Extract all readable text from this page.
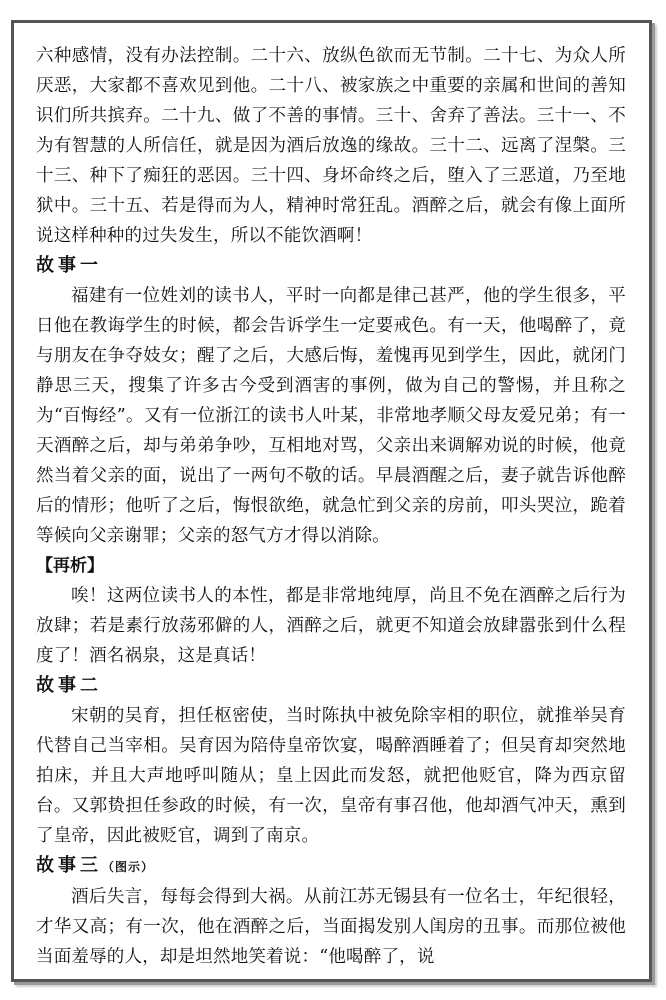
六种感情，没有办法控制。二十六、放纵色欲而无节制。二十七、为众人所厌恶，大家都不喜欢见到他。二十八、被家族之中重要的亲属和世间的善知识们所共摈弃。二十九、做了不善的事情。三十、舍弃了善法。三十一、不为有智慧的人所信任，就是因为酒后放逸的缘故。三十二、远离了涅槃。三十三、种下了痴狂的恶因。三十四、身坏命终之后，堕入了三恶道，乃至地狱中。三十五、若是得而为人，精神时常狂乱。酒醉之后，就会有像上面所说这样种种的过失发生，所以不能饮酒啊！

故事一

福建有一位姓刘的读书人，平时一向都是律己甚严，他的学生很多，平日他在教诲学生的时候，都会告诉学生一定要戒色。有一天，他喝醉了，竟与朋友在争夺妓女；醒了之后，大感后悔，羞愧再见到学生，因此，就闭门静思三天，搜集了许多古今受到酒害的事例，做为自己的警惕，并且称之为“百悔经”。又有一位浙江的读书人叶某，非常地孝顺父母友爱兄弟；有一天酒醉之后，却与弟弟争吵，互相地对骂，父亲出来调解劝说的时候，他竟然当着父亲的面，说出了一两句不敬的话。早晨酒醒之后，妻子就告诉他醉后的情形；他听了之后，悔恨欲绝，就急忙到父亲的房前，叩头哭泣，跪着等候向父亲谢罪；父亲的怒气方才得以消除。

【再析】

唉！这两位读书人的本性，都是非常地纯厚，尚且不免在酒醉之后行为放肆；若是素行放荡邪僻的人，酒醉之后，就更不知道会放肆嚣张到什么程度了！酒名祸泉，这是真话！

故事二

宋朝的吴育，担任枢密使，当时陈执中被免除宰相的职位，就推举吴育代替自己当宰相。吴育因为陪侍皇帝饮宴，喝醉酒睡着了；但吴育却突然地拍床，并且大声地呼叫随从；皇上因此而发怒，就把他贬官，降为西京留台。又郭贽担任参政的时候，有一次，皇帝有事召他，他却酒气冲天，熏到了皇帝，因此被贬官，调到了南京。

故事三（图示）

酒后失言，每每会得到大祸。从前江苏无锡县有一位名士，年纪很轻，才华又高；有一次，他在酒醉之后，当面揭发别人闺房的丑事。而那位被他当面羞辱的人，却是坦然地笑着说：“他喝醉了，说
